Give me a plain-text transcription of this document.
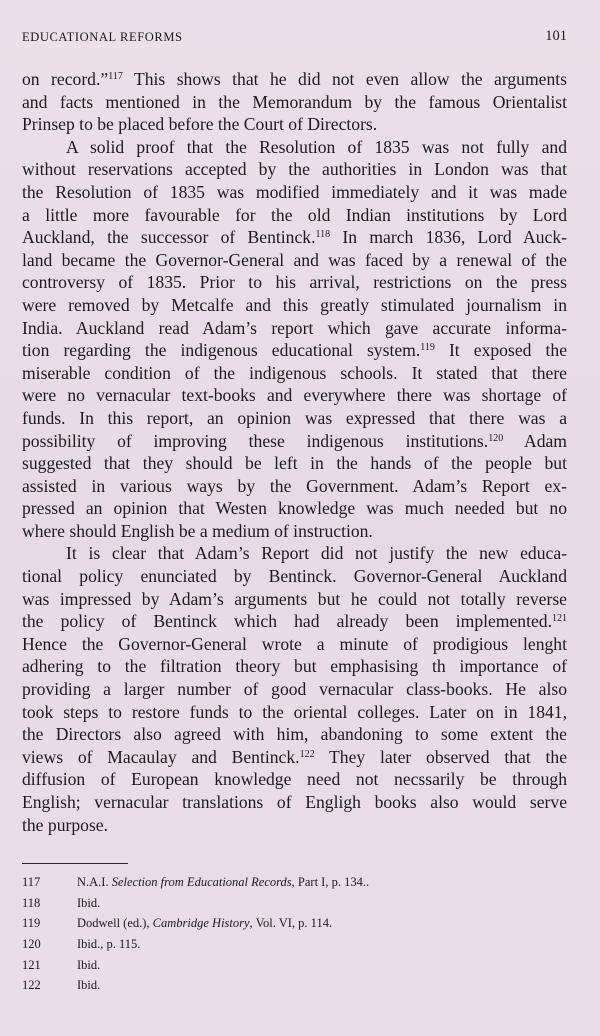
EDUCATIONAL REFORMS	101
on record.”$^{117}$ This shows that he did not even allow the arguments
and facts mentioned in the Memorandum by the famous Orientalist
Prinsep to be placed before the Court of Directors.
A solid proof that the Resolution of 1835 was not fully and
without reservations accepted by the authorities in London was that
the Resolution of 1835 was modified immediately and it was made
a little more favourable for the old Indian institutions by Lord
Auckland, the successor of Bentinck.$^{118}$ In march 1836, Lord Auck-
land became the Governor-General and was faced by a renewal of the
controversy of 1835. Prior to his arrival, restrictions on the press
were removed by Metcalfe and this greatly stimulated journalism in
India. Auckland read Adam’s report which gave accurate informa-
tion regarding the indigenous educational system.$^{119}$ It exposed the
miserable condition of the indigenous schools. It stated that there
were no vernacular text-books and everywhere there was shortage of
funds. In this report, an opinion was expressed that there was a
possibility of improving these indigenous institutions.$^{120}$ Adam
suggested that they should be left in the hands of the people but
assisted in various ways by the Government. Adam’s Report ex-
pressed an opinion that Westen knowledge was much needed but no
where should English be a medium of instruction.
It is clear that Adam’s Report did not justify the new educa-
tional policy enunciated by Bentinck. Governor-General Auckland
was impressed by Adam’s arguments but he could not totally reverse
the policy of Bentinck which had already been implemented.$^{121}$
Hence the Governor-General wrote a minute of prodigious lenght
adhering to the filtration theory but emphasising th importance of
providing a larger number of good vernacular class-books. He also
took steps to restore funds to the oriental colleges. Later on in 1841,
the Directors also agreed with him, abandoning to some extent the
views of Macaulay and Bentinck.$^{122}$ They later observed that the
diffusion of European knowledge need not necssarily be through
English; vernacular translations of Engligh books also would serve
the purpose.
117	N.A.I. Selection from Educational Records, Part I, p. 134..
118	Ibid.
119	Dodwell (ed.), Cambridge History, Vol. VI, p. 114.
120	Ibid., p. 115.
121	Ibid.
122	Ibid.
